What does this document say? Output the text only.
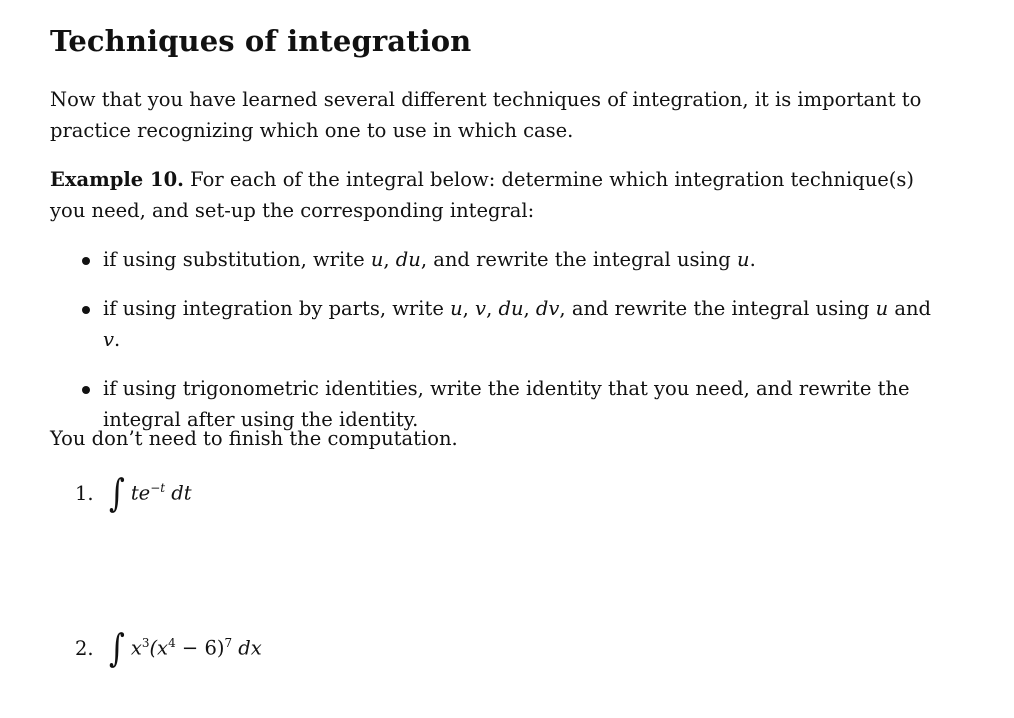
Techniques of integration

Now that you have learned several different techniques of integration, it is important to practice recognizing which one to use in which case.

Example 10. For each of the integral below: determine which integration technique(s) you need, and set-up the corresponding integral:

if using substitution, write u, du, and rewrite the integral using u.
if using integration by parts, write u, v, du, dv, and rewrite the integral using u and v.
if using trigonometric identities, write the identity that you need, and rewrite the integral after using the identity.

You don’t need to finish the computation.

1. ∫ $te^{-t}$ dt
2. ∫ $x^3(x^4 - 6)^7$ dx
